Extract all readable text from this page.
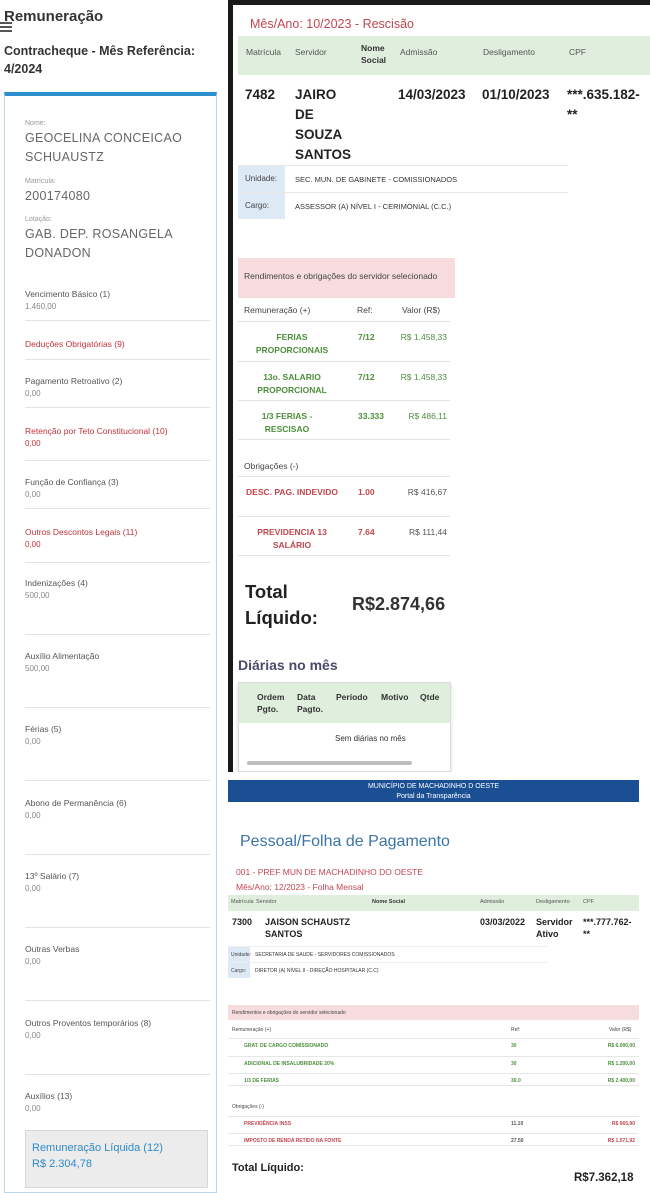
Remuneração
Contracheque - Mês Referência: 4/2024
Nome:
GEOCELINA CONCEICAO SCHUAUSTZ
Matrícula:
200174080
Lotação:
GAB. DEP. ROSANGELA DONADON
Vencimento Básico (1)
1.460,00
Deduções Obrigatórias (9)
Pagamento Retroativo (2)
0,00
Retenção por Teto Constitucional (10)
0,00
Função de Confiança (3)
0,00
Outros Descontos Legais (11)
0,00
Indenizações (4)
500,00
Auxílio Alimentação
500,00
Férias (5)
0,00
Abono de Permanência (6)
0,00
13º Salário (7)
0,00
Outras Verbas
0,00
Outros Proventos temporários (8)
0,00
Auxílios (13)
0,00
Remuneração Líquida (12)
R$ 2.304,78
Mês/Ano: 10/2023 - Rescisão
Matrícula Servidor	Nome Social
Admissão	Desligamento	CPF
7482 JAIRO DE SOUZA SANTOS
14/03/2023 01/10/2023 ***.635.182-**
Unidade:	SEC. MUN. DE GABINETE - COMISSIONADOS
Cargo:	ASSESSOR (A) NÍVEL I - CERIMONIAL (C.C.)
Rendimentos e obrigações do servidor selecionado
Remuneração (+)	Ref:	Valor (R$)
FERIAS PROPORCIONAIS
7/12	R$ 1.458,33
13o. SALARIO PROPORCIONAL
7/12	R$ 1.458,33
1/3 FERIAS - RESCISAO
33.333	R$ 486,11
Obrigações (-)
DESC. PAG. INDEVIDO 1.00	R$ 416,67
PREVIDENCIA 13 SALÁRIO
7.64	R$ 111,44
Total Líquido:
R$2.874,66
Diárias no mês
Ordem Pgto.
Data Pagto.
Período Motivo Qtde
Sem diárias no mês
MUNICÍPIO DE MACHADINHO D OESTE
Portal da Transparência
Pessoal/Folha de Pagamento
001 - PREF MUN DE MACHADINHO DO OESTE
Mês/Ano: 12/2023 - Folha Mensal
Matrícula Servidor	Nome Social	Admissão	Desligamento CPF
7300 JAISON SCHAUSTZ SANTOS
03/03/2022 Servidor Ativo
***.777.762-**
Unidade: SECRETARIA DE SAUDE - SERVIDORES COMISSIONADOS
Cargo:	DIRETOR (A) NÍVEL II - DIREÇÃO HOSPITALAR (C.C)
Rendimentos e obrigações do servidor selecionado
Remuneração (+)	Ref:	Valor (R$)
GRAT. DE CARGO COMISSIONADO	30	R$ 6.000,00
ADICIONAL DE INSALUBRIDADE 20%	30	R$ 1.200,00
1/3 DE FERIAS	30.0	R$ 2.400,00
Obrigações (-)
PREVIDÊNCIA INSS	11.10	R$ 665,90
IMPOSTO DE RENDA RETIDO NA FONTE	27.50	R$ 1.571,92
Total Líquido:
R$7.362,18
